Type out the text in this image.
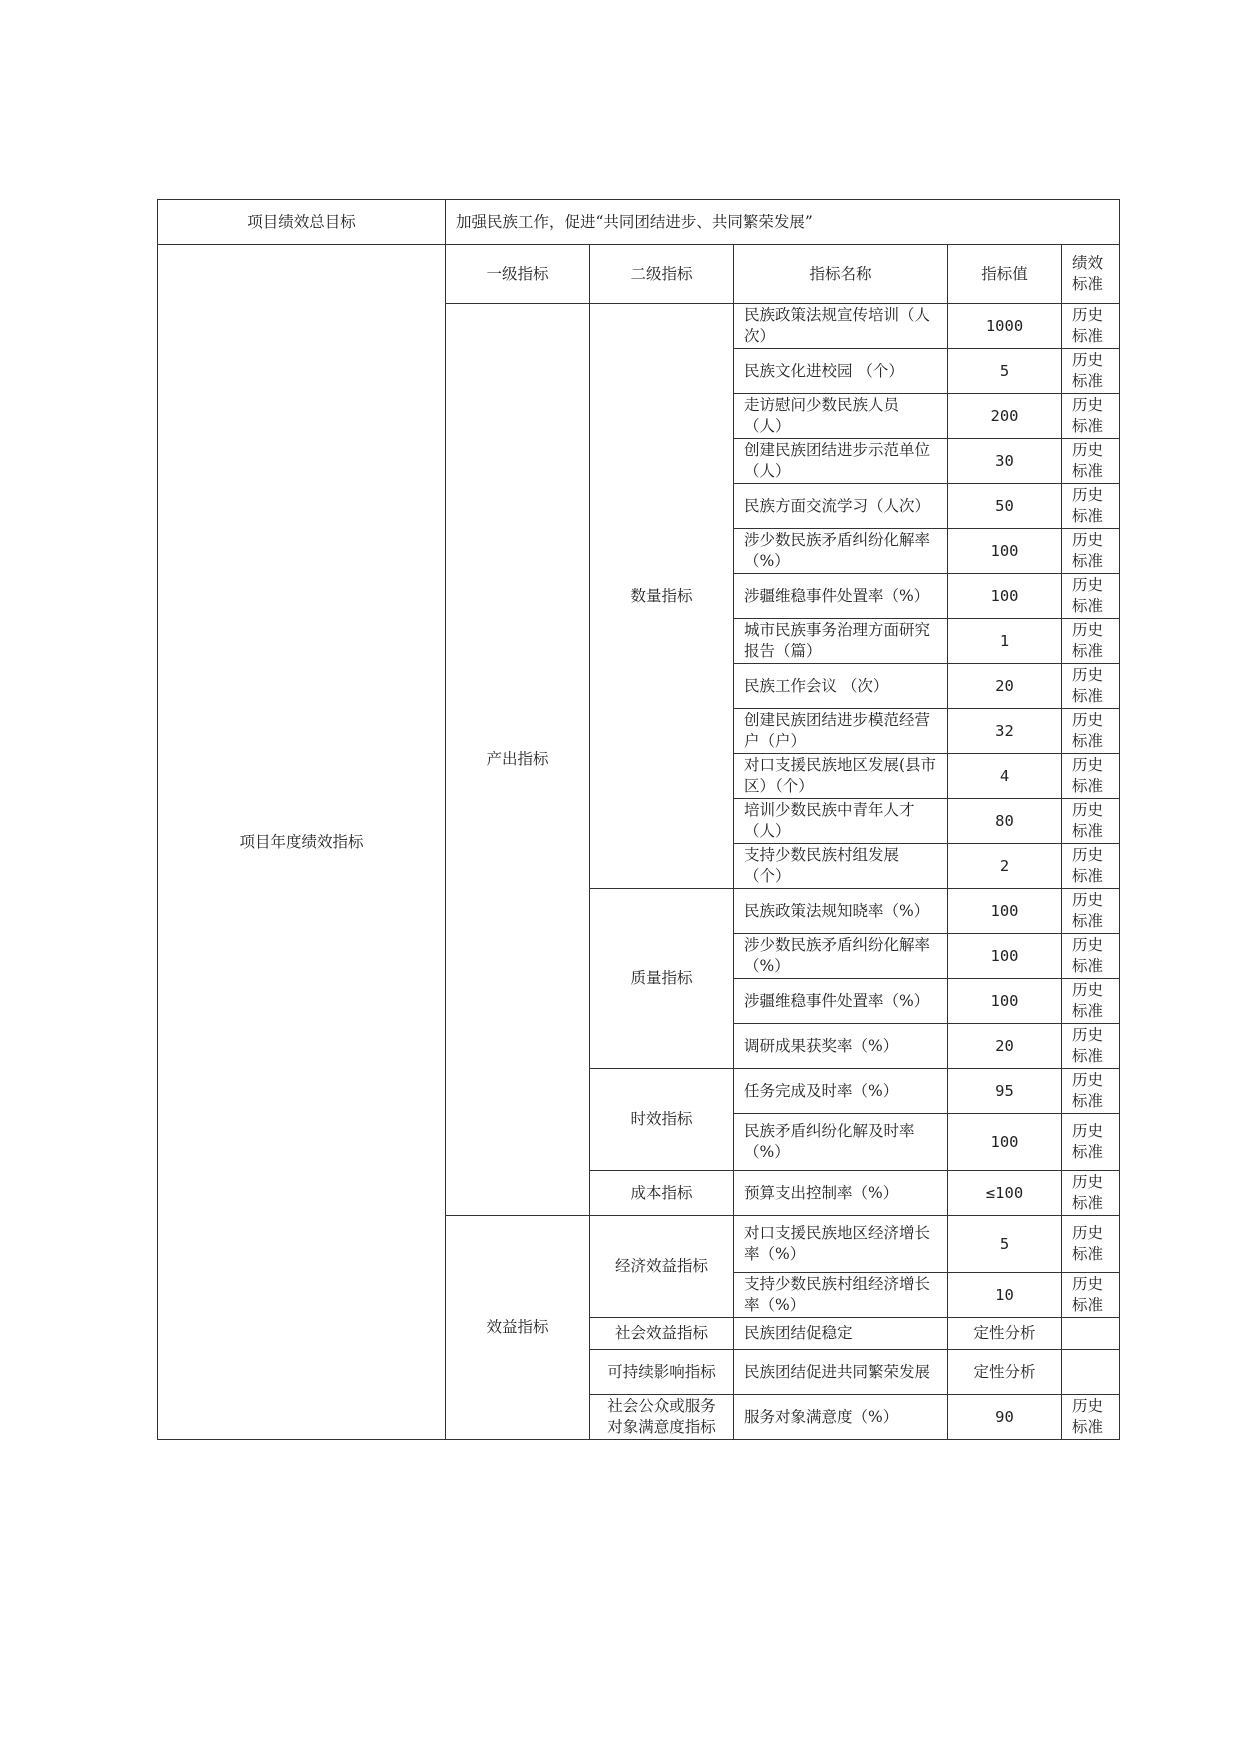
项目绩效总目标	加强民族工作，促进“共同团结进步、共同繁荣发展”				
项目年度绩效指标	一级指标	二级指标	指标名称	指标值	绩效标准
	产出指标	数量指标	民族政策法规宣传培训（人次）	1000	历史标准
			民族文化进校园 （个）	5	历史标准
			走访慰问少数民族人员（人）	200	历史标准
			创建民族团结进步示范单位 （人）	30	历史标准
			民族方面交流学习（人次）	50	历史标准
			涉少数民族矛盾纠纷化解率（%）	100	历史标准
			涉疆维稳事件处置率（%）	100	历史标准
			城市民族事务治理方面研究报告（篇）	1	历史标准
			民族工作会议 （次）	20	历史标准
			创建民族团结进步模范经营户（户）	32	历史标准
			对口支援民族地区发展(县市区）（个）	4	历史标准
			培训少数民族中青年人才（人）	80	历史标准
			支持少数民族村组发展（个）	2	历史标准
		质量指标	民族政策法规知晓率（%）	100	历史标准
			涉少数民族矛盾纠纷化解率（%）	100	历史标准
			涉疆维稳事件处置率（%）	100	历史标准
			调研成果获奖率（%）	20	历史标准
		时效指标	任务完成及时率（%）	95	历史标准
			民族矛盾纠纷化解及时率（%）	100	历史标准
		成本指标	预算支出控制率（%）	≤100	历史标准
	效益指标	经济效益指标	对口支援民族地区经济增长率（%）	5	历史标准
			支持少数民族村组经济增长率（%）	10	历史标准
		社会效益指标	民族团结促稳定	定性分析	
		可持续影响指标	民族团结促进共同繁荣发展	定性分析	
		社会公众或服务对象满意度指标	服务对象满意度（%）	90	历史标准
